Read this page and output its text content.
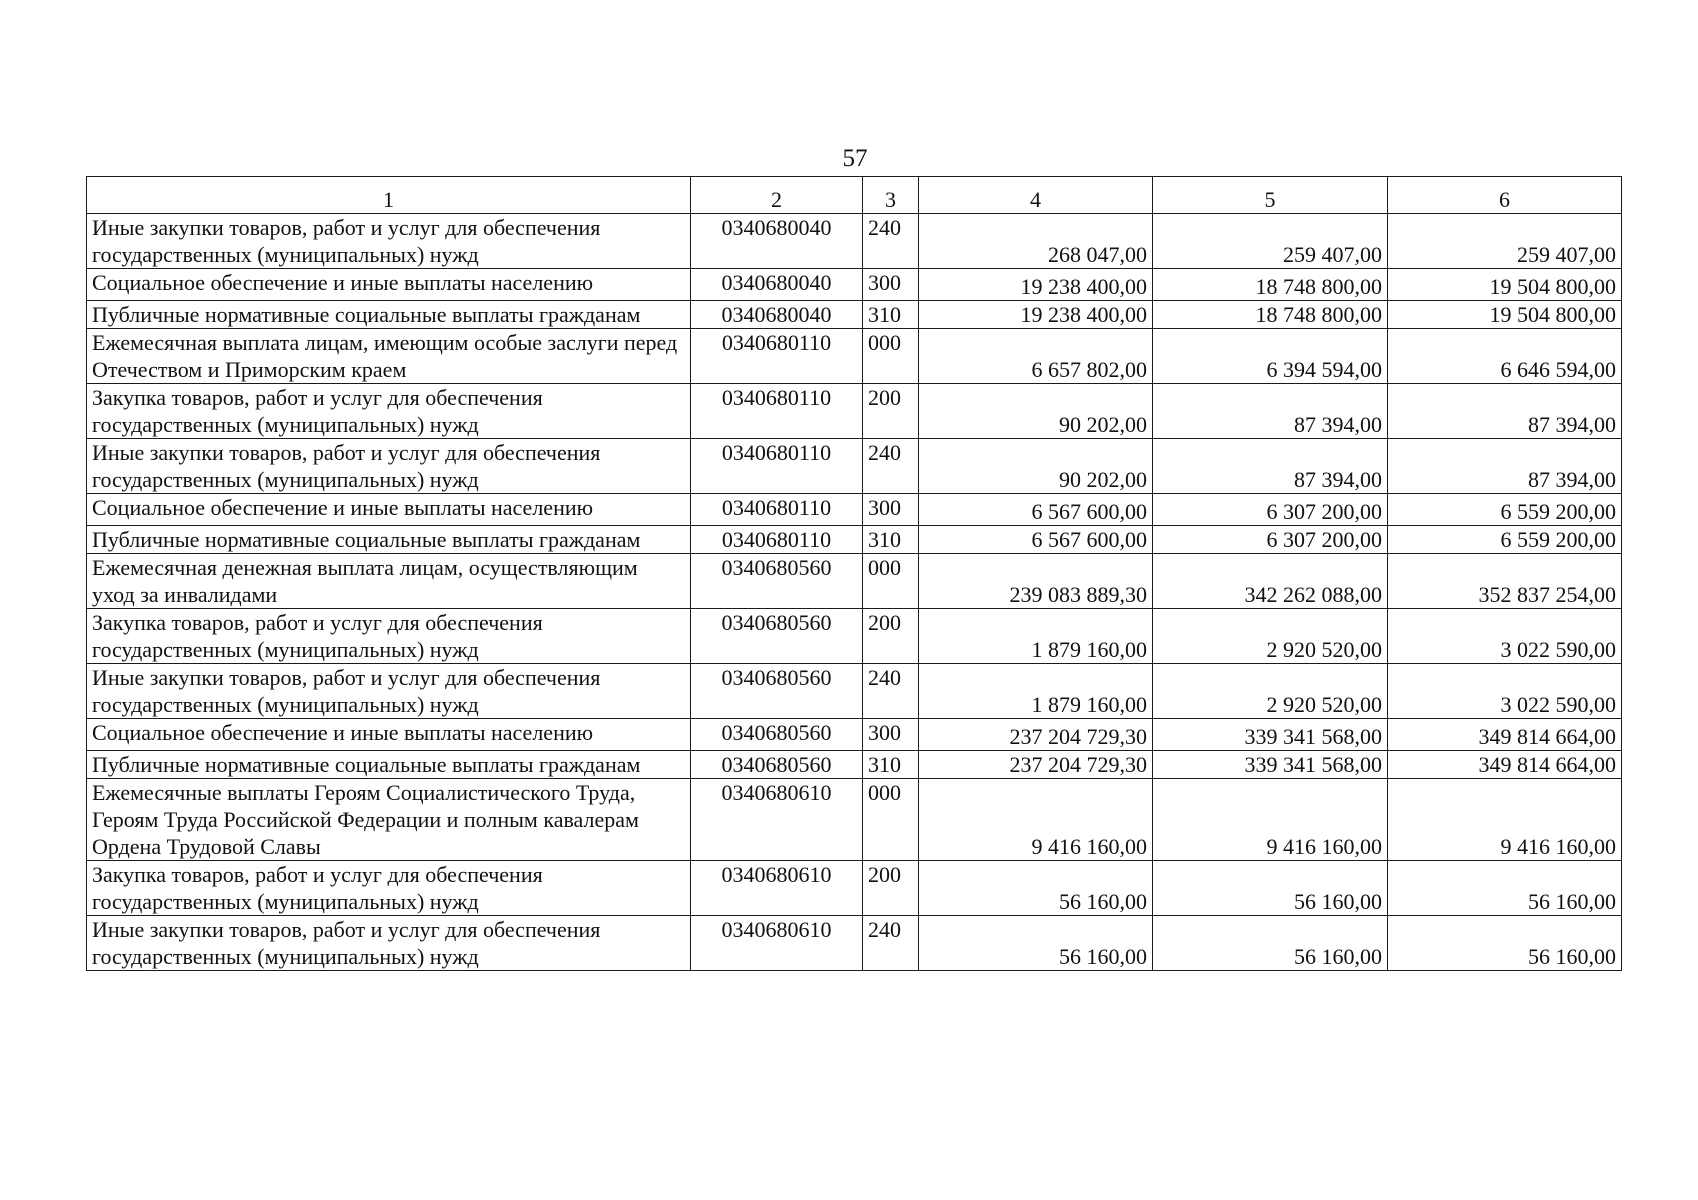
57
1	2	3	4	5	6
Иные закупки товаров, работ и услуг для обеспечения государственных (муниципальных) нужд	0340680040	240	268 047,00	259 407,00	259 407,00
Социальное обеспечение и иные выплаты населению	0340680040	300	19 238 400,00	18 748 800,00	19 504 800,00
Публичные нормативные социальные выплаты гражданам	0340680040	310	19 238 400,00	18 748 800,00	19 504 800,00
Ежемесячная выплата лицам, имеющим особые заслуги перед Отечеством и Приморским краем	0340680110	000	6 657 802,00	6 394 594,00	6 646 594,00
Закупка товаров, работ и услуг для обеспечения государственных (муниципальных) нужд	0340680110	200	90 202,00	87 394,00	87 394,00
Иные закупки товаров, работ и услуг для обеспечения государственных (муниципальных) нужд	0340680110	240	90 202,00	87 394,00	87 394,00
Социальное обеспечение и иные выплаты населению	0340680110	300	6 567 600,00	6 307 200,00	6 559 200,00
Публичные нормативные социальные выплаты гражданам	0340680110	310	6 567 600,00	6 307 200,00	6 559 200,00
Ежемесячная денежная выплата лицам, осуществляющим уход за инвалидами	0340680560	000	239 083 889,30	342 262 088,00	352 837 254,00
Закупка товаров, работ и услуг для обеспечения государственных (муниципальных) нужд	0340680560	200	1 879 160,00	2 920 520,00	3 022 590,00
Иные закупки товаров, работ и услуг для обеспечения государственных (муниципальных) нужд	0340680560	240	1 879 160,00	2 920 520,00	3 022 590,00
Социальное обеспечение и иные выплаты населению	0340680560	300	237 204 729,30	339 341 568,00	349 814 664,00
Публичные нормативные социальные выплаты гражданам	0340680560	310	237 204 729,30	339 341 568,00	349 814 664,00
Ежемесячные выплаты Героям Социалистического Труда, Героям Труда Российской Федерации и полным кавалерам Ордена Трудовой Славы	0340680610	000	9 416 160,00	9 416 160,00	9 416 160,00
Закупка товаров, работ и услуг для обеспечения государственных (муниципальных) нужд	0340680610	200	56 160,00	56 160,00	56 160,00
Иные закупки товаров, работ и услуг для обеспечения государственных (муниципальных) нужд	0340680610	240	56 160,00	56 160,00	56 160,00
